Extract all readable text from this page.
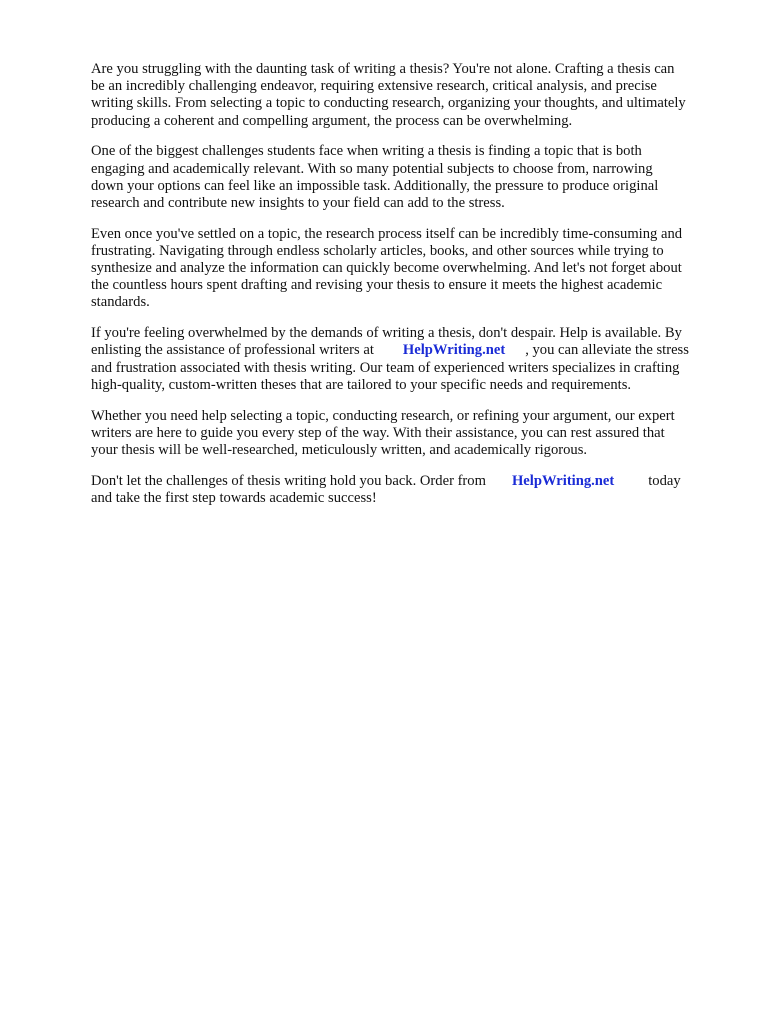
Are you struggling with the daunting task of writing a thesis? You're not alone. Crafting a thesis can
be an incredibly challenging endeavor, requiring extensive research, critical analysis, and precise
writing skills. From selecting a topic to conducting research, organizing your thoughts, and ultimately
producing a coherent and compelling argument, the process can be overwhelming.

One of the biggest challenges students face when writing a thesis is finding a topic that is both
engaging and academically relevant. With so many potential subjects to choose from, narrowing
down your options can feel like an impossible task. Additionally, the pressure to produce original
research and contribute new insights to your field can add to the stress.

Even once you've settled on a topic, the research process itself can be incredibly time-consuming and
frustrating. Navigating through endless scholarly articles, books, and other sources while trying to
synthesize and analyze the information can quickly become overwhelming. And let's not forget about
the countless hours spent drafting and revising your thesis to ensure it meets the highest academic
standards.

If you're feeling overwhelmed by the demands of writing a thesis, don't despair. Help is available. By
enlisting the assistance of professional writers at HelpWriting.net , you can alleviate the stress
and frustration associated with thesis writing. Our team of experienced writers specializes in crafting
high-quality, custom-written theses that are tailored to your specific needs and requirements.

Whether you need help selecting a topic, conducting research, or refining your argument, our expert
writers are here to guide you every step of the way. With their assistance, you can rest assured that
your thesis will be well-researched, meticulously written, and academically rigorous.

Don't let the challenges of thesis writing hold you back. Order from HelpWriting.net today
and take the first step towards academic success!
